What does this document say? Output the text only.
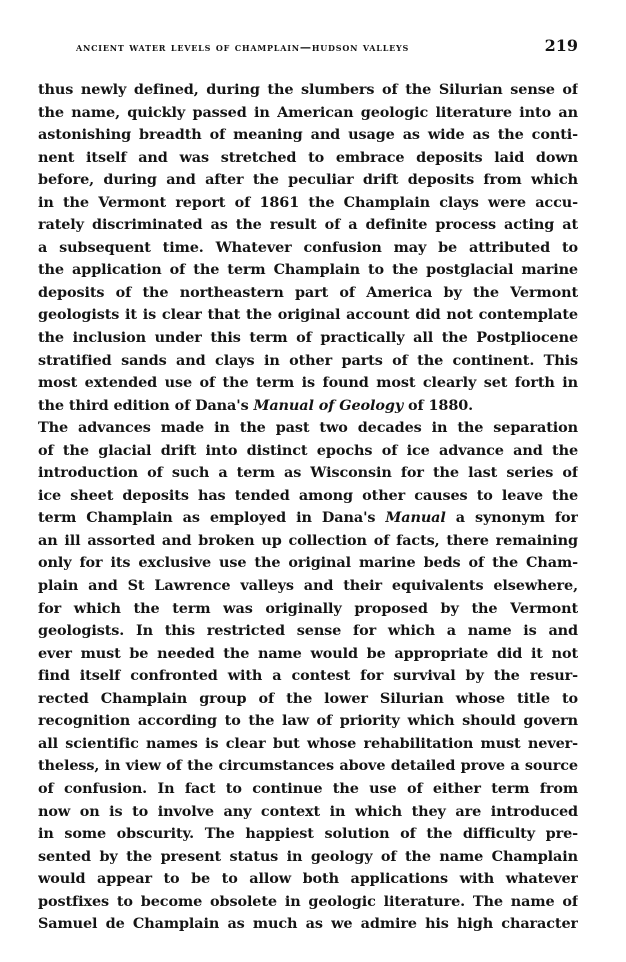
ancient water levels of champlain—hudson valleys	219
thus newly defined, during the slumbers of the Silurian sense of
the name, quickly passed in American geologic literature into an
astonishing breadth of meaning and usage as wide as the conti-
nent itself and was stretched to embrace deposits laid down
before, during and after the peculiar drift deposits from which
in the Vermont report of 1861 the Champlain clays were accu-
rately discriminated as the result of a definite process acting at
a subsequent time. Whatever confusion may be attributed to
the application of the term Champlain to the postglacial marine
deposits of the northeastern part of America by the Vermont
geologists it is clear that the original account did not contemplate
the inclusion under this term of practically all the Postpliocene
stratified sands and clays in other parts of the continent. This
most extended use of the term is found most clearly set forth in
the third edition of Dana's Manual of Geology of 1880.
The advances made in the past two decades in the separation
of the glacial drift into distinct epochs of ice advance and the
introduction of such a term as Wisconsin for the last series of
ice sheet deposits has tended among other causes to leave the
term Champlain as employed in Dana's Manual a synonym for
an ill assorted and broken up collection of facts, there remaining
only for its exclusive use the original marine beds of the Cham-
plain and St Lawrence valleys and their equivalents elsewhere,
for which the term was originally proposed by the Vermont
geologists. In this restricted sense for which a name is and
ever must be needed the name would be appropriate did it not
find itself confronted with a contest for survival by the resur-
rected Champlain group of the lower Silurian whose title to
recognition according to the law of priority which should govern
all scientific names is clear but whose rehabilitation must never-
theless, in view of the circumstances above detailed prove a source
of confusion. In fact to continue the use of either term from
now on is to involve any context in which they are introduced
in some obscurity. The happiest solution of the difficulty pre-
sented by the present status in geology of the name Champlain
would appear to be to allow both applications with whatever
postfixes to become obsolete in geologic literature. The name of
Samuel de Champlain as much as we admire his high character
